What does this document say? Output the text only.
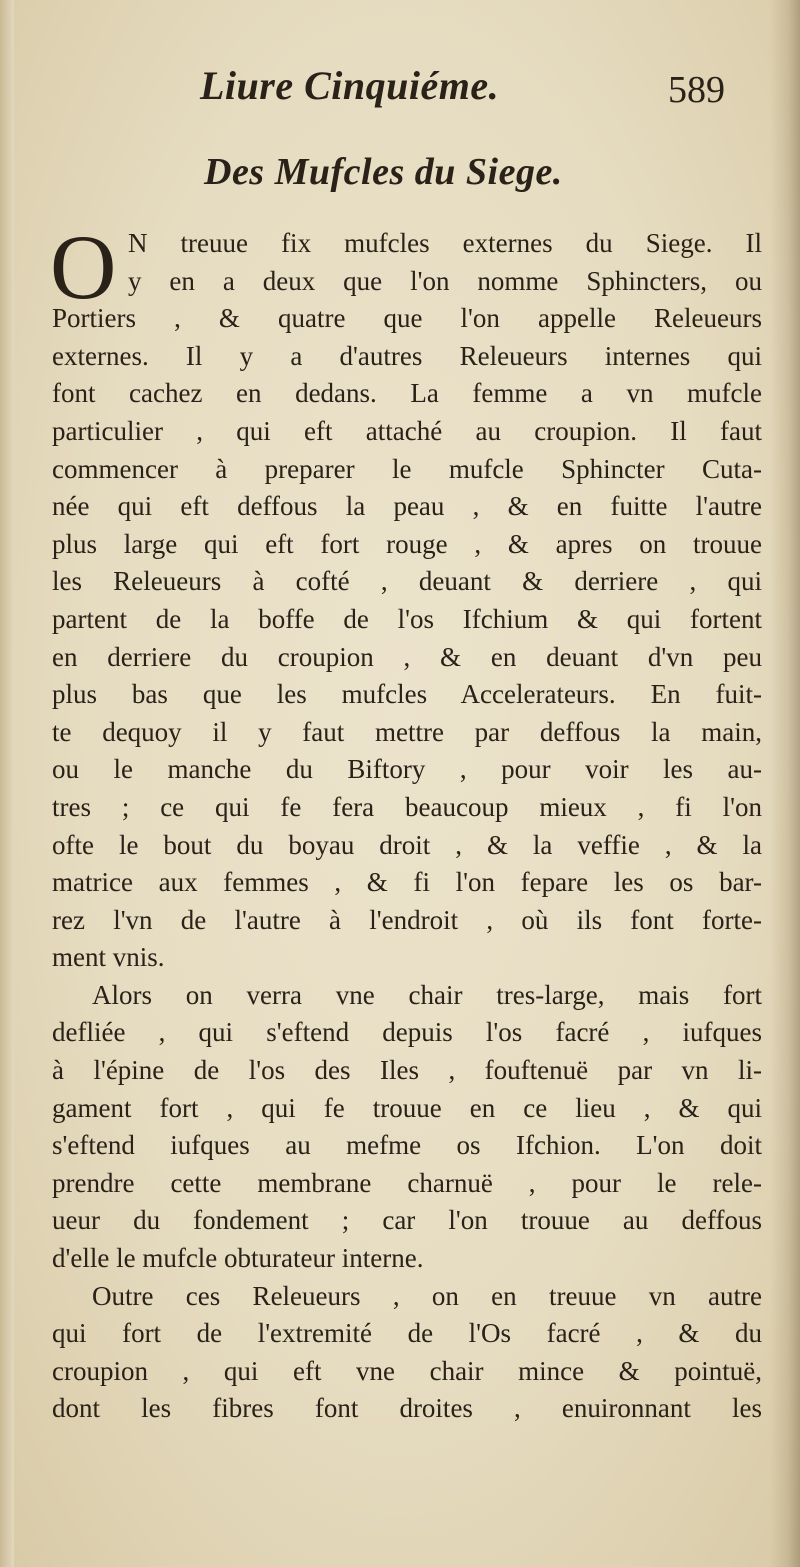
Liure Cinquiéme.	589
Des Mufcles du Siege.
O N treuue fix mufcles externes du Siege. Il
y en a deux que l'on nomme Sphincters, ou
Portiers , & quatre que l'on appelle Releueurs
externes. Il y a d'autres Releueurs internes qui
font cachez en dedans. La femme a vn mufcle
particulier , qui eft attaché au croupion. Il faut
commencer à preparer le mufcle Sphincter Cuta-
née qui eft deffous la peau , & en fuitte l'autre
plus large qui eft fort rouge , & apres on trouue
les Releueurs à cofté , deuant & derriere , qui
partent de la boffe de l'os Ifchium & qui fortent
en derriere du croupion , & en deuant d'vn peu
plus bas que les mufcles Accelerateurs. En fuit-
te dequoy il y faut mettre par deffous la main,
ou le manche du Biftory , pour voir les au-
tres ; ce qui fe fera beaucoup mieux , fi l'on
ofte le bout du boyau droit , & la veffie , & la
matrice aux femmes , & fi l'on fepare les os bar-
rez l'vn de l'autre à l'endroit , où ils font forte-
ment vnis.
Alors on verra vne chair tres-large, mais fort
defliée , qui s'eftend depuis l'os facré , iufques
à l'épine de l'os des Iles , fouftenuë par vn li-
gament fort , qui fe trouue en ce lieu , & qui
s'eftend iufques au mefme os Ifchion. L'on doit
prendre cette membrane charnuë , pour le rele-
ueur du fondement ; car l'on trouue au deffous
d'elle le mufcle obturateur interne.
Outre ces Releueurs , on en treuue vn autre
qui fort de l'extremité de l'Os facré , & du
croupion , qui eft vne chair mince & pointuë,
dont les fibres font droites , enuironnant les
